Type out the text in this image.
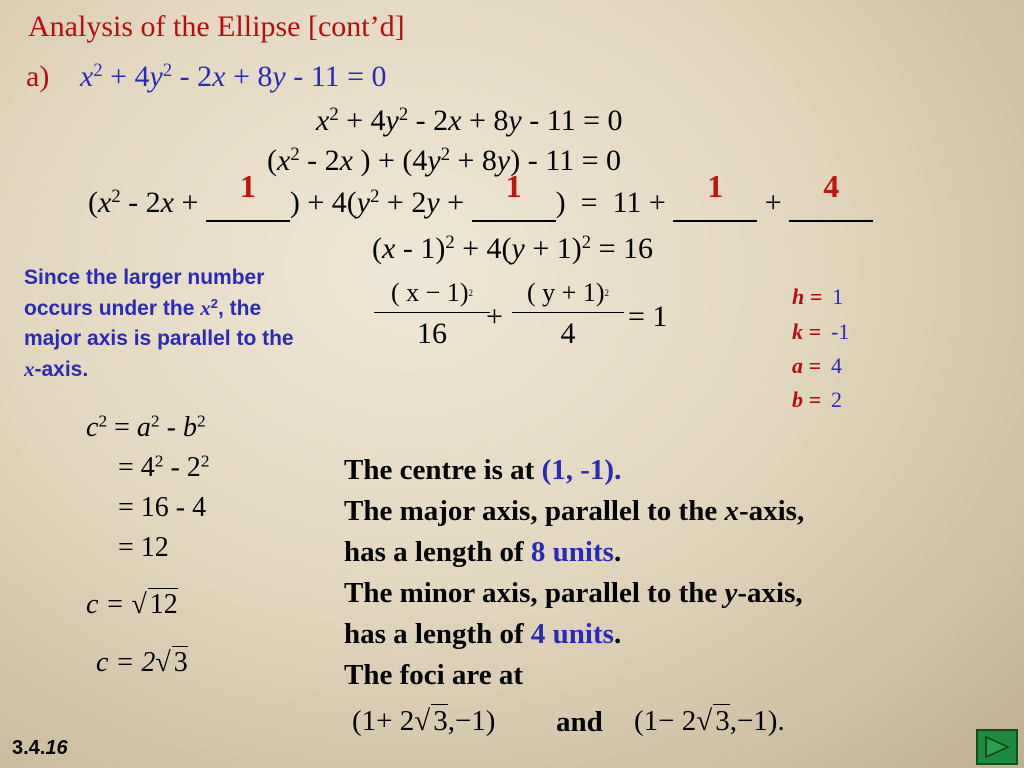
Analysis of the Ellipse [cont’d]
a) $x^2 + 4y^2 - 2x + 8y - 11 = 0$
$x^2 + 4y^2 - 2x + 8y - 11 = 0$
($x^2 - 2x$ ) + $(4y^2 + 8y) - 11 = 0$
($x^2 - 2x$ +	1	) + $4(y^2 + 2y$ +	1	)  =  11 +	1	+	4

$(x - 1)^2 + 4(y + 1)^2 = 16$
$\frac{( x - 1)^2}{16}$
+ $\frac{( y + 1)^2}{4} = 1$
Since the larger number occurs under the $x^2$, the major axis is parallel to the x-axis.
h = 1
k = -1
a = 4
b = 2
$c^2 = a^2 - b^2$
= $4^2 - 2^2$
= 16 - 4
= 12
c = √ 12
c = 2√ 3
The centre is at (1, -1).
The major axis, parallel to the x-axis,
has a length of 8 units.
The minor axis, parallel to the y-axis,
has a length of 4 units.
The foci are at
(1+ 2√ 3,−1) and (1− 2√ 3,−1).
3.4.16
